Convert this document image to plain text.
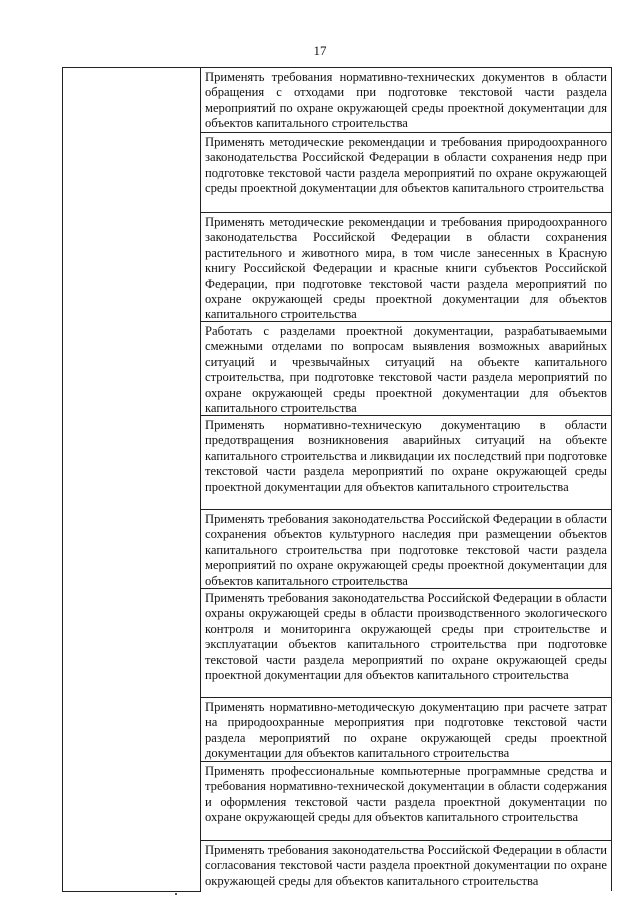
17

Применять требования нормативно-технических документов в области обращения с отходами при подготовке текстовой части раздела мероприятий по охране окружающей среды проектной документации для объектов капитального строительства

Применять методические рекомендации и требования природоохранного законодательства Российской Федерации в области сохранения недр при подготовке текстовой части раздела мероприятий по охране окружающей среды проектной документации для объектов капитального строительства

Применять методические рекомендации и требования природоохранного законодательства Российской Федерации в области сохранения растительного и животного мира, в том числе занесенных в Красную книгу Российской Федерации и красные книги субъектов Российской Федерации, при подготовке текстовой части раздела мероприятий по охране окружающей среды проектной документации для объектов капитального строительства

Работать с разделами проектной документации, разрабатываемыми смежными отделами по вопросам выявления возможных аварийных ситуаций и чрезвычайных ситуаций на объекте капитального строительства, при подготовке текстовой части раздела мероприятий по охране окружающей среды проектной документации для объектов капитального строительства

Применять нормативно-техническую документацию в области предотвращения возникновения аварийных ситуаций на объекте капитального строительства и ликвидации их последствий при подготовке текстовой части раздела мероприятий по охране окружающей среды проектной документации для объектов капитального строительства

Применять требования законодательства Российской Федерации в области сохранения объектов культурного наследия при размещении объектов капитального строительства при подготовке текстовой части раздела мероприятий по охране окружающей среды проектной документации для объектов капитального строительства

Применять требования законодательства Российской Федерации в области охраны окружающей среды в области производственного экологического контроля и мониторинга окружающей среды при строительстве и эксплуатации объектов капитального строительства при подготовке текстовой части раздела мероприятий по охране окружающей среды проектной документации для объектов капитального строительства

Применять нормативно-методическую документацию при расчете затрат на природоохранные мероприятия при подготовке текстовой части раздела мероприятий по охране окружающей среды проектной документации для объектов капитального строительства

Применять профессиональные компьютерные программные средства и требования нормативно-технической документации в области содержания и оформления текстовой части раздела проектной документации по охране окружающей среды для объектов капитального строительства

Применять требования законодательства Российской Федерации в области согласования текстовой части раздела проектной документации по охране окружающей среды для объектов капитального строительства
